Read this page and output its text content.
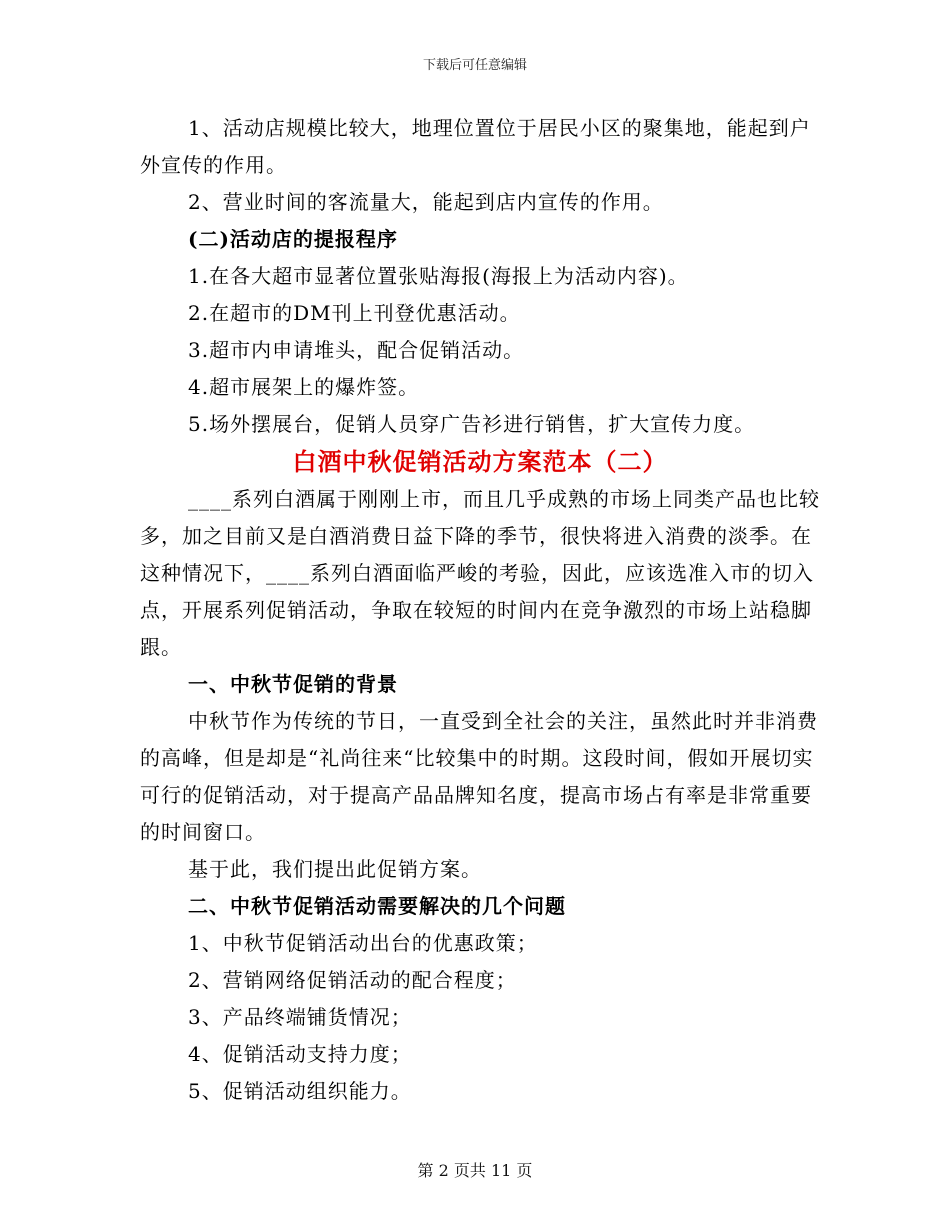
下载后可任意编辑

1、活动店规模比较大，地理位置位于居民小区的聚集地，能起到户外宣传的作用。

2、营业时间的客流量大，能起到店内宣传的作用。

(二)活动店的提报程序

1.在各大超市显著位置张贴海报(海报上为活动内容)。

2.在超市的DM刊上刊登优惠活动。

3.超市内申请堆头，配合促销活动。

4.超市展架上的爆炸签。

5.场外摆展台，促销人员穿广告衫进行销售，扩大宣传力度。

白酒中秋促销活动方案范本（二）

____系列白酒属于刚刚上市，而且几乎成熟的市场上同类产品也比较多，加之目前又是白酒消费日益下降的季节，很快将进入消费的淡季。在这种情况下，____系列白酒面临严峻的考验，因此，应该选准入市的切入点，开展系列促销活动，争取在较短的时间内在竞争激烈的市场上站稳脚跟。

一、中秋节促销的背景

中秋节作为传统的节日，一直受到全社会的关注，虽然此时并非消费的高峰，但是却是“礼尚往来“比较集中的时期。这段时间，假如开展切实可行的促销活动，对于提高产品品牌知名度，提高市场占有率是非常重要的时间窗口。

基于此，我们提出此促销方案。

二、中秋节促销活动需要解决的几个问题

1、中秋节促销活动出台的优惠政策；

2、营销网络促销活动的配合程度；

3、产品终端铺货情况；

4、促销活动支持力度；

5、促销活动组织能力。

第 2 页共 11 页
